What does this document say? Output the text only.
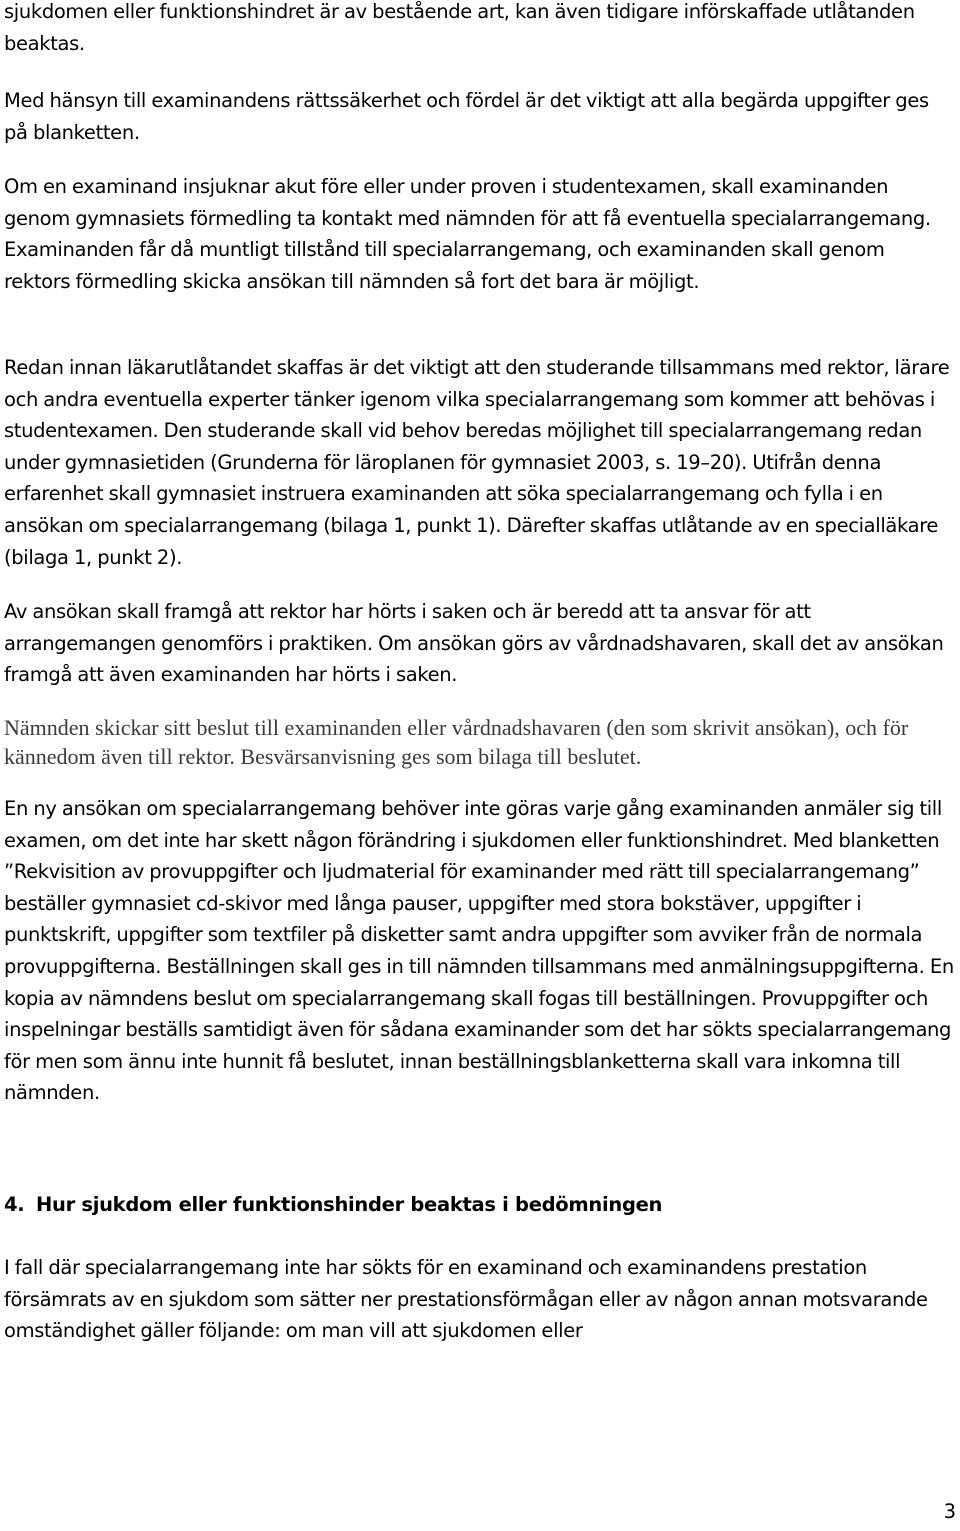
sjukdomen eller funktionshindret är av bestående art, kan även tidigare införskaffade utlåtanden beaktas.

Med hänsyn till examinandens rättssäkerhet och fördel är det viktigt att alla begärda uppgifter ges på blanketten.

Om en examinand insjuknar akut före eller under proven i studentexamen, skall examinanden genom gymnasiets förmedling ta kontakt med nämnden för att få eventuella specialarrangemang. Examinanden får då muntligt tillstånd till specialarrangemang, och examinanden skall genom rektors förmedling skicka ansökan till nämnden så fort det bara är möjligt.

Redan innan läkarutlåtandet skaffas är det viktigt att den studerande tillsammans med rektor, lärare och andra eventuella experter tänker igenom vilka specialarrangemang som kommer att behövas i studentexamen. Den studerande skall vid behov beredas möjlighet till specialarrangemang redan under gymnasietiden (Grunderna för läroplanen för gymnasiet 2003, s. 19–20). Utifrån denna erfarenhet skall gymnasiet instruera examinanden att söka specialarrangemang och fylla i en ansökan om specialarrangemang (bilaga 1, punkt 1). Därefter skaffas utlåtande av en specialläkare (bilaga 1, punkt 2).

Av ansökan skall framgå att rektor har hörts i saken och är beredd att ta ansvar för att arrangemangen genomförs i praktiken. Om ansökan görs av vårdnadshavaren, skall det av ansökan framgå att även examinanden har hörts i saken.

Nämnden skickar sitt beslut till examinanden eller vårdnadshavaren (den som skrivit ansökan), och för kännedom även till rektor. Besvärsanvisning ges som bilaga till beslutet.

En ny ansökan om specialarrangemang behöver inte göras varje gång examinanden anmäler sig till examen, om det inte har skett någon förändring i sjukdomen eller funktionshindret. Med blanketten ”Rekvisition av provuppgifter och ljudmaterial för examinander med rätt till specialarrangemang” beställer gymnasiet cd-skivor med långa pauser, uppgifter med stora bokstäver, uppgifter i punktskrift, uppgifter som textfiler på disketter samt andra uppgifter som avviker från de normala provuppgifterna. Beställningen skall ges in till nämnden tillsammans med anmälningsuppgifterna. En kopia av nämndens beslut om specialarrangemang skall fogas till beställningen. Provuppgifter och inspelningar beställs samtidigt även för sådana examinander som det har sökts specialarrangemang för men som ännu inte hunnit få beslutet, innan beställningsblanketterna skall vara inkomna till nämnden.

4. Hur sjukdom eller funktionshinder beaktas i bedömningen

I fall där specialarrangemang inte har sökts för en examinand och examinandens prestation försämrats av en sjukdom som sätter ner prestationsförmågan eller av någon annan motsvarande omständighet gäller följande: om man vill att sjukdomen eller

3
